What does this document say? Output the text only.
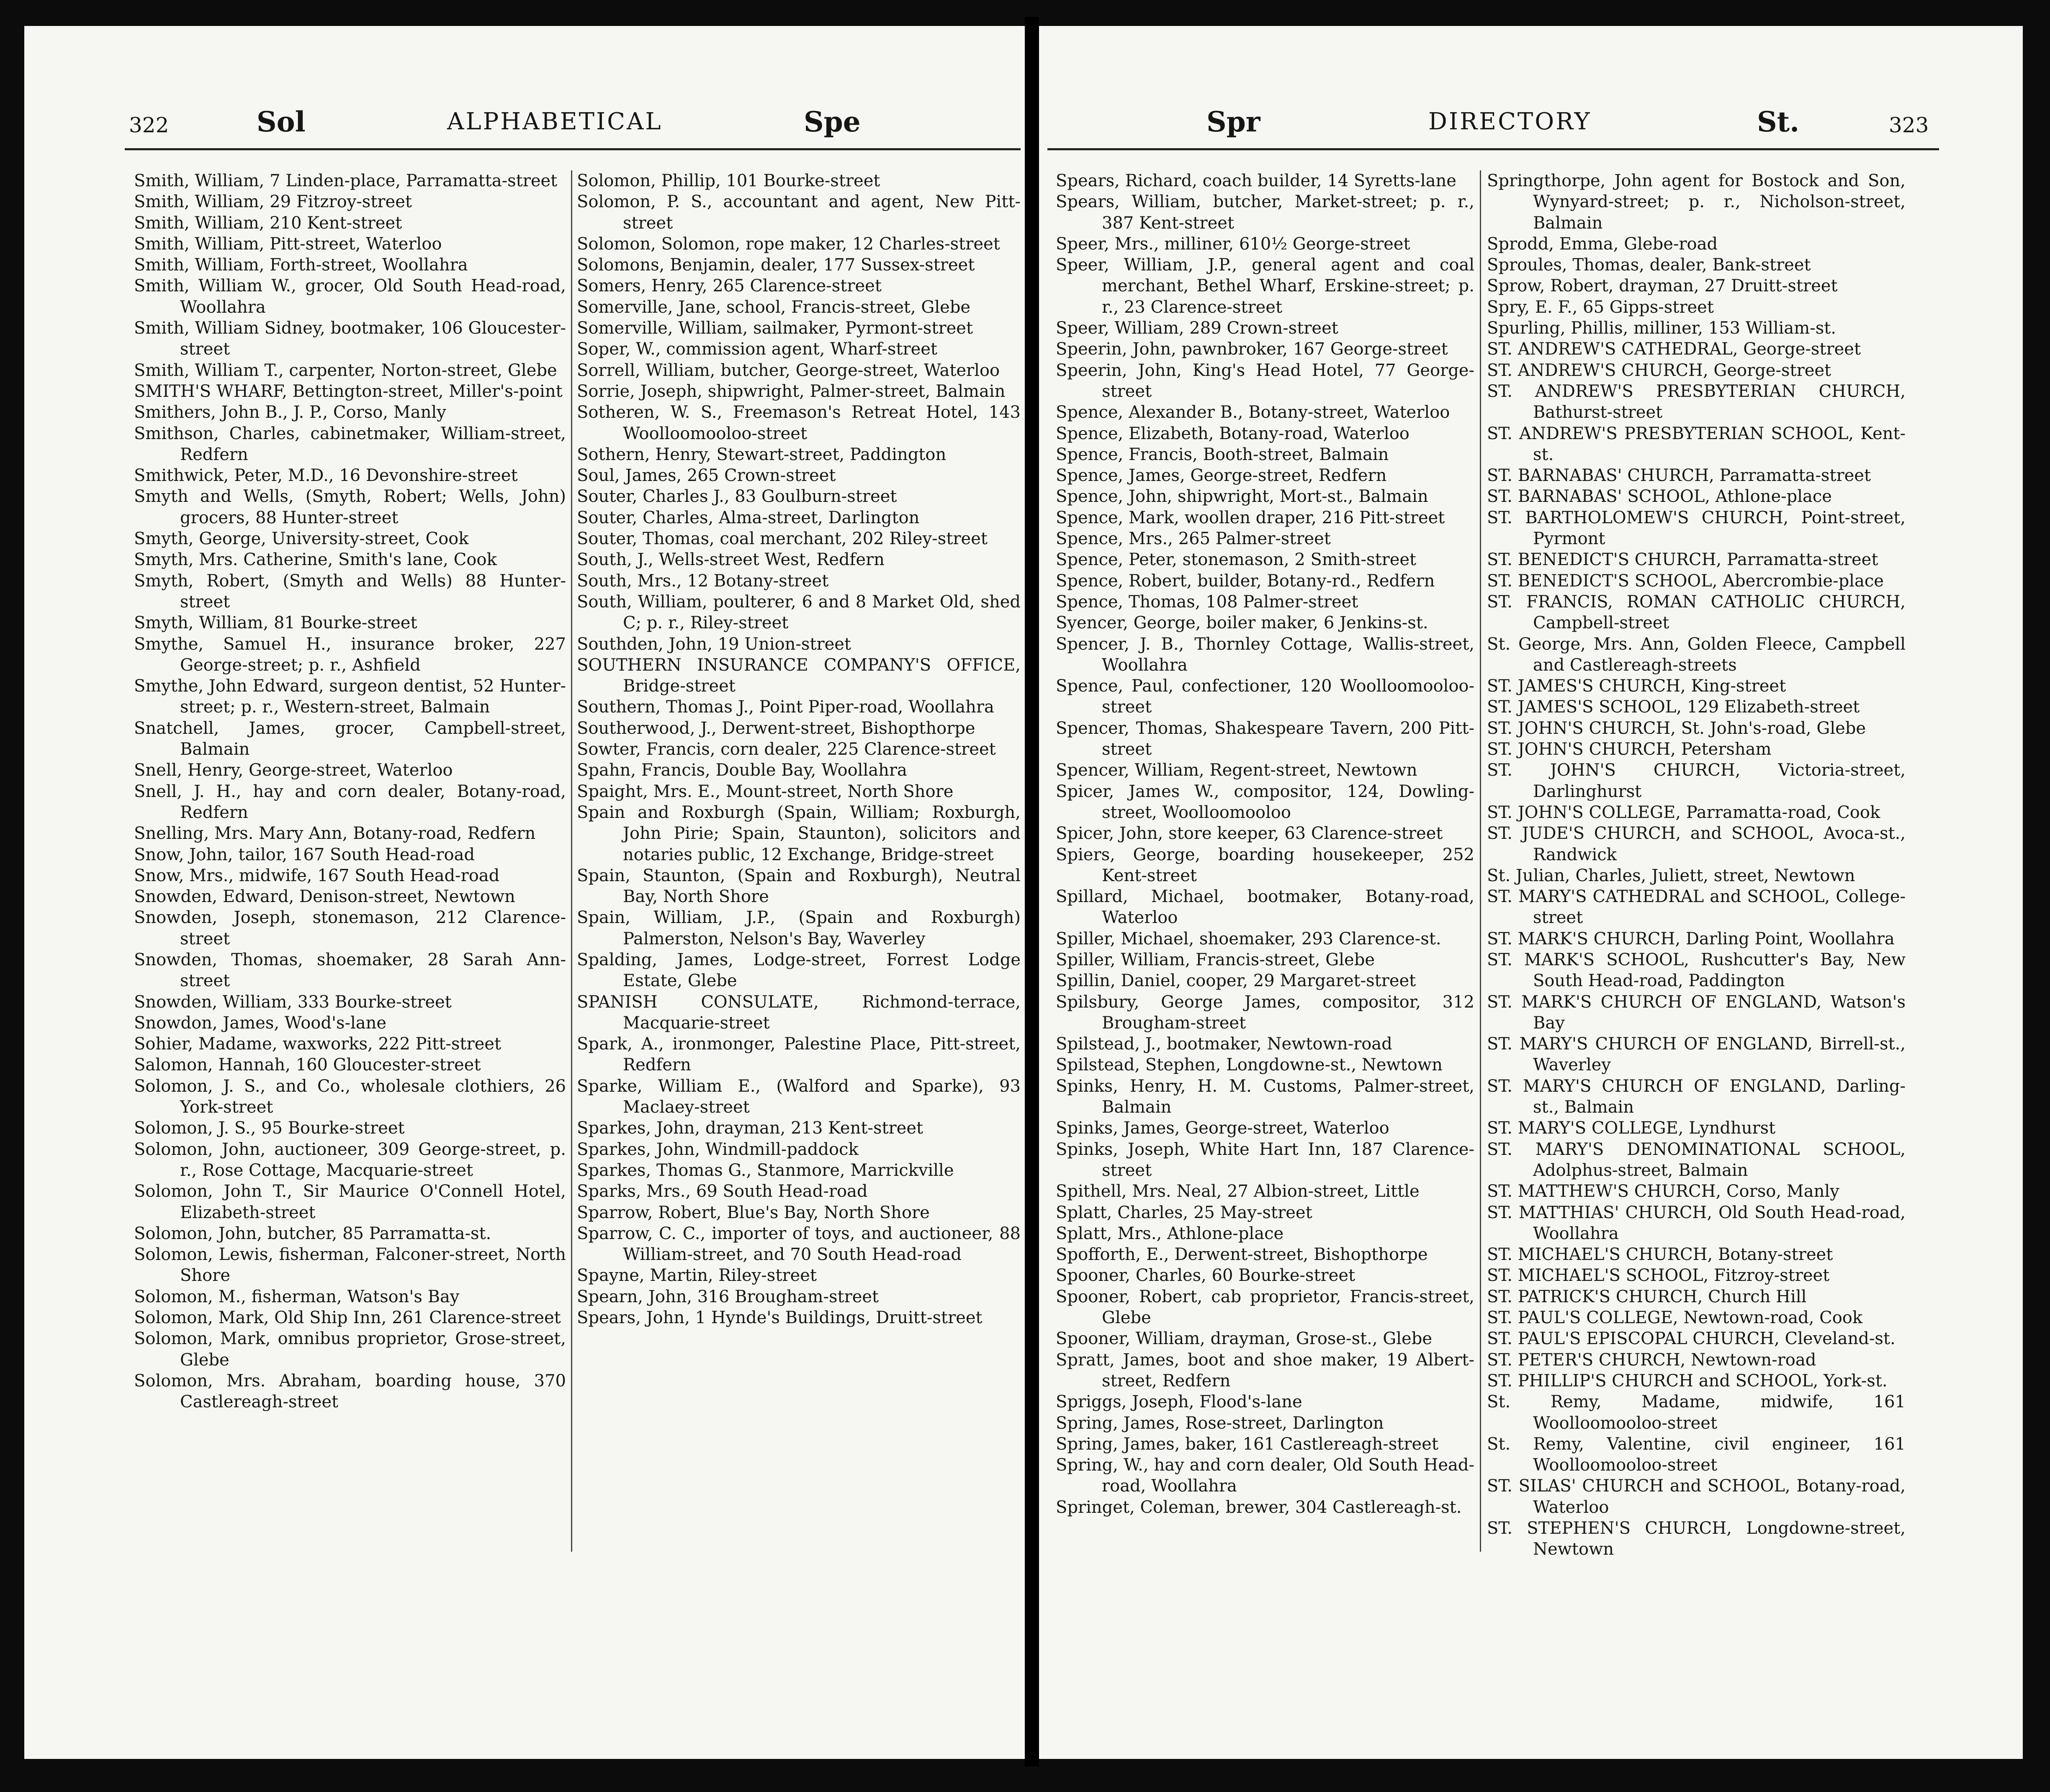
322	Sol	ALPHABETICAL	Spe
Smith, William, 7 Linden-place, Parramatta-street
Smith, William, 29 Fitzroy-street
Smith, William, 210 Kent-street
Smith, William, Pitt-street, Waterloo
Smith, William, Forth-street, Woollahra
Smith, William W., grocer, Old South Head-road, Woollahra
Smith, William Sidney, bootmaker, 106 Gloucester-street
Smith, William T., carpenter, Norton-street, Glebe
SMITH'S WHARF, Bettington-street, Miller's-point
Smithers, John B., J. P., Corso, Manly
Smithson, Charles, cabinetmaker, William-street, Redfern
Smithwick, Peter, M.D., 16 Devonshire-street
Smyth and Wells, (Smyth, Robert; Wells, John) grocers, 88 Hunter-street
Smyth, George, University-street, Cook
Smyth, Mrs. Catherine, Smith's lane, Cook
Smyth, Robert, (Smyth and Wells) 88 Hunter-street
Smyth, William, 81 Bourke-street
Smythe, Samuel H., insurance broker, 227 George-street; p. r., Ashfield
Smythe, John Edward, surgeon dentist, 52 Hunter-street; p. r., Western-street, Balmain
Snatchell, James, grocer, Campbell-street, Balmain
Snell, Henry, George-street, Waterloo
Snell, J. H., hay and corn dealer, Botany-road, Redfern
Snelling, Mrs. Mary Ann, Botany-road, Redfern
Snow, John, tailor, 167 South Head-road
Snow, Mrs., midwife, 167 South Head-road
Snowden, Edward, Denison-street, Newtown
Snowden, Joseph, stonemason, 212 Clarence-street
Snowden, Thomas, shoemaker, 28 Sarah Ann-street
Snowden, William, 333 Bourke-street
Snowdon, James, Wood's-lane
Sohier, Madame, waxworks, 222 Pitt-street
Salomon, Hannah, 160 Gloucester-street
Solomon, J. S., and Co., wholesale clothiers, 26 York-street
Solomon, J. S., 95 Bourke-street
Solomon, John, auctioneer, 309 George-street, p. r., Rose Cottage, Macquarie-street
Solomon, John T., Sir Maurice O'Connell Hotel, Elizabeth-street
Solomon, John, butcher, 85 Parramatta-st.
Solomon, Lewis, fisherman, Falconer-street, North Shore
Solomon, M., fisherman, Watson's Bay
Solomon, Mark, Old Ship Inn, 261 Clarence-street
Solomon, Mark, omnibus proprietor, Grose-street, Glebe
Solomon, Mrs. Abraham, boarding house, 370 Castlereagh-street
Solomon, Phillip, 101 Bourke-street
Solomon, P. S., accountant and agent, New Pitt-street
Solomon, Solomon, rope maker, 12 Charles-street
Solomons, Benjamin, dealer, 177 Sussex-street
Somers, Henry, 265 Clarence-street
Somerville, Jane, school, Francis-street, Glebe
Somerville, William, sailmaker, Pyrmont-street
Soper, W., commission agent, Wharf-street
Sorrell, William, butcher, George-street, Waterloo
Sorrie, Joseph, shipwright, Palmer-street, Balmain
Sotheren, W. S., Freemason's Retreat Hotel, 143 Woolloomooloo-street
Sothern, Henry, Stewart-street, Paddington
Soul, James, 265 Crown-street
Souter, Charles J., 83 Goulburn-street
Souter, Charles, Alma-street, Darlington
Souter, Thomas, coal merchant, 202 Riley-street
South, J., Wells-street West, Redfern
South, Mrs., 12 Botany-street
South, William, poulterer, 6 and 8 Market Old, shed C; p. r., Riley-street
Southden, John, 19 Union-street
SOUTHERN INSURANCE COMPANY'S OFFICE, Bridge-street
Southern, Thomas J., Point Piper-road, Woollahra
Southerwood, J., Derwent-street, Bishopthorpe
Sowter, Francis, corn dealer, 225 Clarence-street
Spahn, Francis, Double Bay, Woollahra
Spaight, Mrs. E., Mount-street, North Shore
Spain and Roxburgh (Spain, William; Roxburgh, John Pirie; Spain, Staunton), solicitors and notaries public, 12 Exchange, Bridge-street
Spain, Staunton, (Spain and Roxburgh), Neutral Bay, North Shore
Spain, William, J.P., (Spain and Roxburgh) Palmerston, Nelson's Bay, Waverley
Spalding, James, Lodge-street, Forrest Lodge Estate, Glebe
SPANISH CONSULATE, Richmond-terrace, Macquarie-street
Spark, A., ironmonger, Palestine Place, Pitt-street, Redfern
Sparke, William E., (Walford and Sparke), 93 Maclaey-street
Sparkes, John, drayman, 213 Kent-street
Sparkes, John, Windmill-paddock
Sparkes, Thomas G., Stanmore, Marrickville
Sparks, Mrs., 69 South Head-road
Sparrow, Robert, Blue's Bay, North Shore
Sparrow, C. C., importer of toys, and auctioneer, 88 William-street, and 70 South Head-road
Spayne, Martin, Riley-street
Spearn, John, 316 Brougham-street
Spears, John, 1 Hynde's Buildings, Druitt-street
Spr	DIRECTORY	St.	323
Spears, Richard, coach builder, 14 Syretts-lane
Spears, William, butcher, Market-street; p. r., 387 Kent-street
Speer, Mrs., milliner, 610½ George-street
Speer, William, J.P., general agent and coal merchant, Bethel Wharf, Erskine-street; p. r., 23 Clarence-street
Speer, William, 289 Crown-street
Speerin, John, pawnbroker, 167 George-street
Speerin, John, King's Head Hotel, 77 George-street
Spence, Alexander B., Botany-street, Waterloo
Spence, Elizabeth, Botany-road, Waterloo
Spence, Francis, Booth-street, Balmain
Spence, James, George-street, Redfern
Spence, John, shipwright, Mort-st., Balmain
Spence, Mark, woollen draper, 216 Pitt-street
Spence, Mrs., 265 Palmer-street
Spence, Peter, stonemason, 2 Smith-street
Spence, Robert, builder, Botany-rd., Redfern
Spence, Thomas, 108 Palmer-street
Syencer, George, boiler maker, 6 Jenkins-st.
Spencer, J. B., Thornley Cottage, Wallis-street, Woollahra
Spence, Paul, confectioner, 120 Woolloomooloo-street
Spencer, Thomas, Shakespeare Tavern, 200 Pitt-street
Spencer, William, Regent-street, Newtown
Spicer, James W., compositor, 124, Dowling-street, Woolloomooloo
Spicer, John, store keeper, 63 Clarence-street
Spiers, George, boarding housekeeper, 252 Kent-street
Spillard, Michael, bootmaker, Botany-road, Waterloo
Spiller, Michael, shoemaker, 293 Clarence-st.
Spiller, William, Francis-street, Glebe
Spillin, Daniel, cooper, 29 Margaret-street
Spilsbury, George James, compositor, 312 Brougham-street
Spilstead, J., bootmaker, Newtown-road
Spilstead, Stephen, Longdowne-st., Newtown
Spinks, Henry, H. M. Customs, Palmer-street, Balmain
Spinks, James, George-street, Waterloo
Spinks, Joseph, White Hart Inn, 187 Clarence-street
Spithell, Mrs. Neal, 27 Albion-street, Little
Splatt, Charles, 25 May-street
Splatt, Mrs., Athlone-place
Spofforth, E., Derwent-street, Bishopthorpe
Spooner, Charles, 60 Bourke-street
Spooner, Robert, cab proprietor, Francis-street, Glebe
Spooner, William, drayman, Grose-st., Glebe
Spratt, James, boot and shoe maker, 19 Albert-street, Redfern
Spriggs, Joseph, Flood's-lane
Spring, James, Rose-street, Darlington
Spring, James, baker, 161 Castlereagh-street
Spring, W., hay and corn dealer, Old South Head-road, Woollahra
Springet, Coleman, brewer, 304 Castlereagh-st.
Springthorpe, John agent for Bostock and Son, Wynyard-street; p. r., Nicholson-street, Balmain
Sprodd, Emma, Glebe-road
Sproules, Thomas, dealer, Bank-street
Sprow, Robert, drayman, 27 Druitt-street
Spry, E. F., 65 Gipps-street
Spurling, Phillis, milliner, 153 William-st.
ST. ANDREW'S CATHEDRAL, George-street
ST. ANDREW'S CHURCH, George-street
ST. ANDREW'S PRESBYTERIAN CHURCH, Bathurst-street
ST. ANDREW'S PRESBYTERIAN SCHOOL, Kent-st.
ST. BARNABAS' CHURCH, Parramatta-street
ST. BARNABAS' SCHOOL, Athlone-place
ST. BARTHOLOMEW'S CHURCH, Point-street, Pyrmont
ST. BENEDICT'S CHURCH, Parramatta-street
ST. BENEDICT'S SCHOOL, Abercrombie-place
ST. FRANCIS, ROMAN CATHOLIC CHURCH, Campbell-street
St. George, Mrs. Ann, Golden Fleece, Campbell and Castlereagh-streets
ST. JAMES'S CHURCH, King-street
ST. JAMES'S SCHOOL, 129 Elizabeth-street
ST. JOHN'S CHURCH, St. John's-road, Glebe
ST. JOHN'S CHURCH, Petersham
ST. JOHN'S CHURCH, Victoria-street, Darlinghurst
ST. JOHN'S COLLEGE, Parramatta-road, Cook
ST. JUDE'S CHURCH, and SCHOOL, Avoca-st., Randwick
St. Julian, Charles, Juliett, street, Newtown
ST. MARY'S CATHEDRAL and SCHOOL, College-street
ST. MARK'S CHURCH, Darling Point, Woollahra
ST. MARK'S SCHOOL, Rushcutter's Bay, New South Head-road, Paddington
ST. MARK'S CHURCH OF ENGLAND, Watson's Bay
ST. MARY'S CHURCH OF ENGLAND, Birrell-st., Waverley
ST. MARY'S CHURCH OF ENGLAND, Darling-st., Balmain
ST. MARY'S COLLEGE, Lyndhurst
ST. MARY'S DENOMINATIONAL SCHOOL, Adolphus-street, Balmain
ST. MATTHEW'S CHURCH, Corso, Manly
ST. MATTHIAS' CHURCH, Old South Head-road, Woollahra
ST. MICHAEL'S CHURCH, Botany-street
ST. MICHAEL'S SCHOOL, Fitzroy-street
ST. PATRICK'S CHURCH, Church Hill
ST. PAUL'S COLLEGE, Newtown-road, Cook
ST. PAUL'S EPISCOPAL CHURCH, Cleveland-st.
ST. PETER'S CHURCH, Newtown-road
ST. PHILLIP'S CHURCH and SCHOOL, York-st.
St. Remy, Madame, midwife, 161 Woolloomooloo-street
St. Remy, Valentine, civil engineer, 161 Woolloomooloo-street
ST. SILAS' CHURCH and SCHOOL, Botany-road, Waterloo
ST. STEPHEN'S CHURCH, Longdowne-street, Newtown
